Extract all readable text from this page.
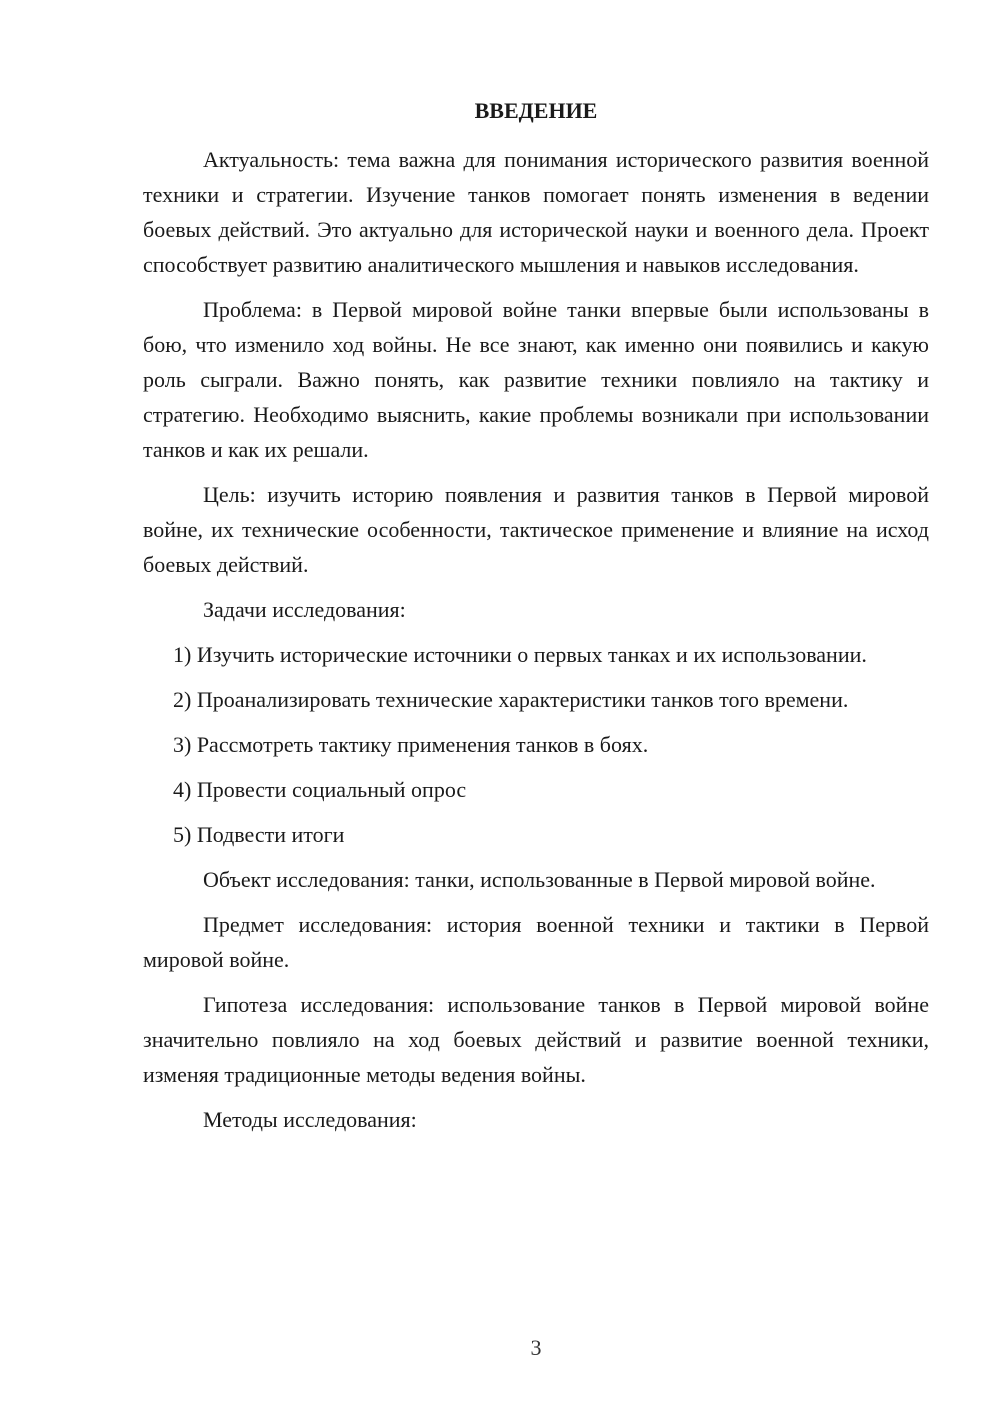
ВВЕДЕНИЕ

Актуальность: тема важна для понимания исторического развития военной техники и стратегии. Изучение танков помогает понять изменения в ведении боевых действий. Это актуально для исторической науки и военного дела. Проект способствует развитию аналитического мышления и навыков исследования.

Проблема: в Первой мировой войне танки впервые были использованы в бою, что изменило ход войны. Не все знают, как именно они появились и какую роль сыграли. Важно понять, как развитие техники повлияло на тактику и стратегию. Необходимо выяснить, какие проблемы возникали при использовании танков и как их решали.

Цель: изучить историю появления и развития танков в Первой мировой войне, их технические особенности, тактическое применение и влияние на исход боевых действий.

Задачи исследования:

1) Изучить исторические источники о первых танках и их использовании.

2) Проанализировать технические характеристики танков того времени.

3) Рассмотреть тактику применения танков в боях.

4) Провести социальный опрос

5) Подвести итоги

Объект исследования: танки, использованные в Первой мировой войне.

Предмет исследования: история военной техники и тактики в Первой мировой войне.

Гипотеза исследования: использование танков в Первой мировой войне значительно повлияло на ход боевых действий и развитие военной техники, изменяя традиционные методы ведения войны.

Методы исследования:

3
